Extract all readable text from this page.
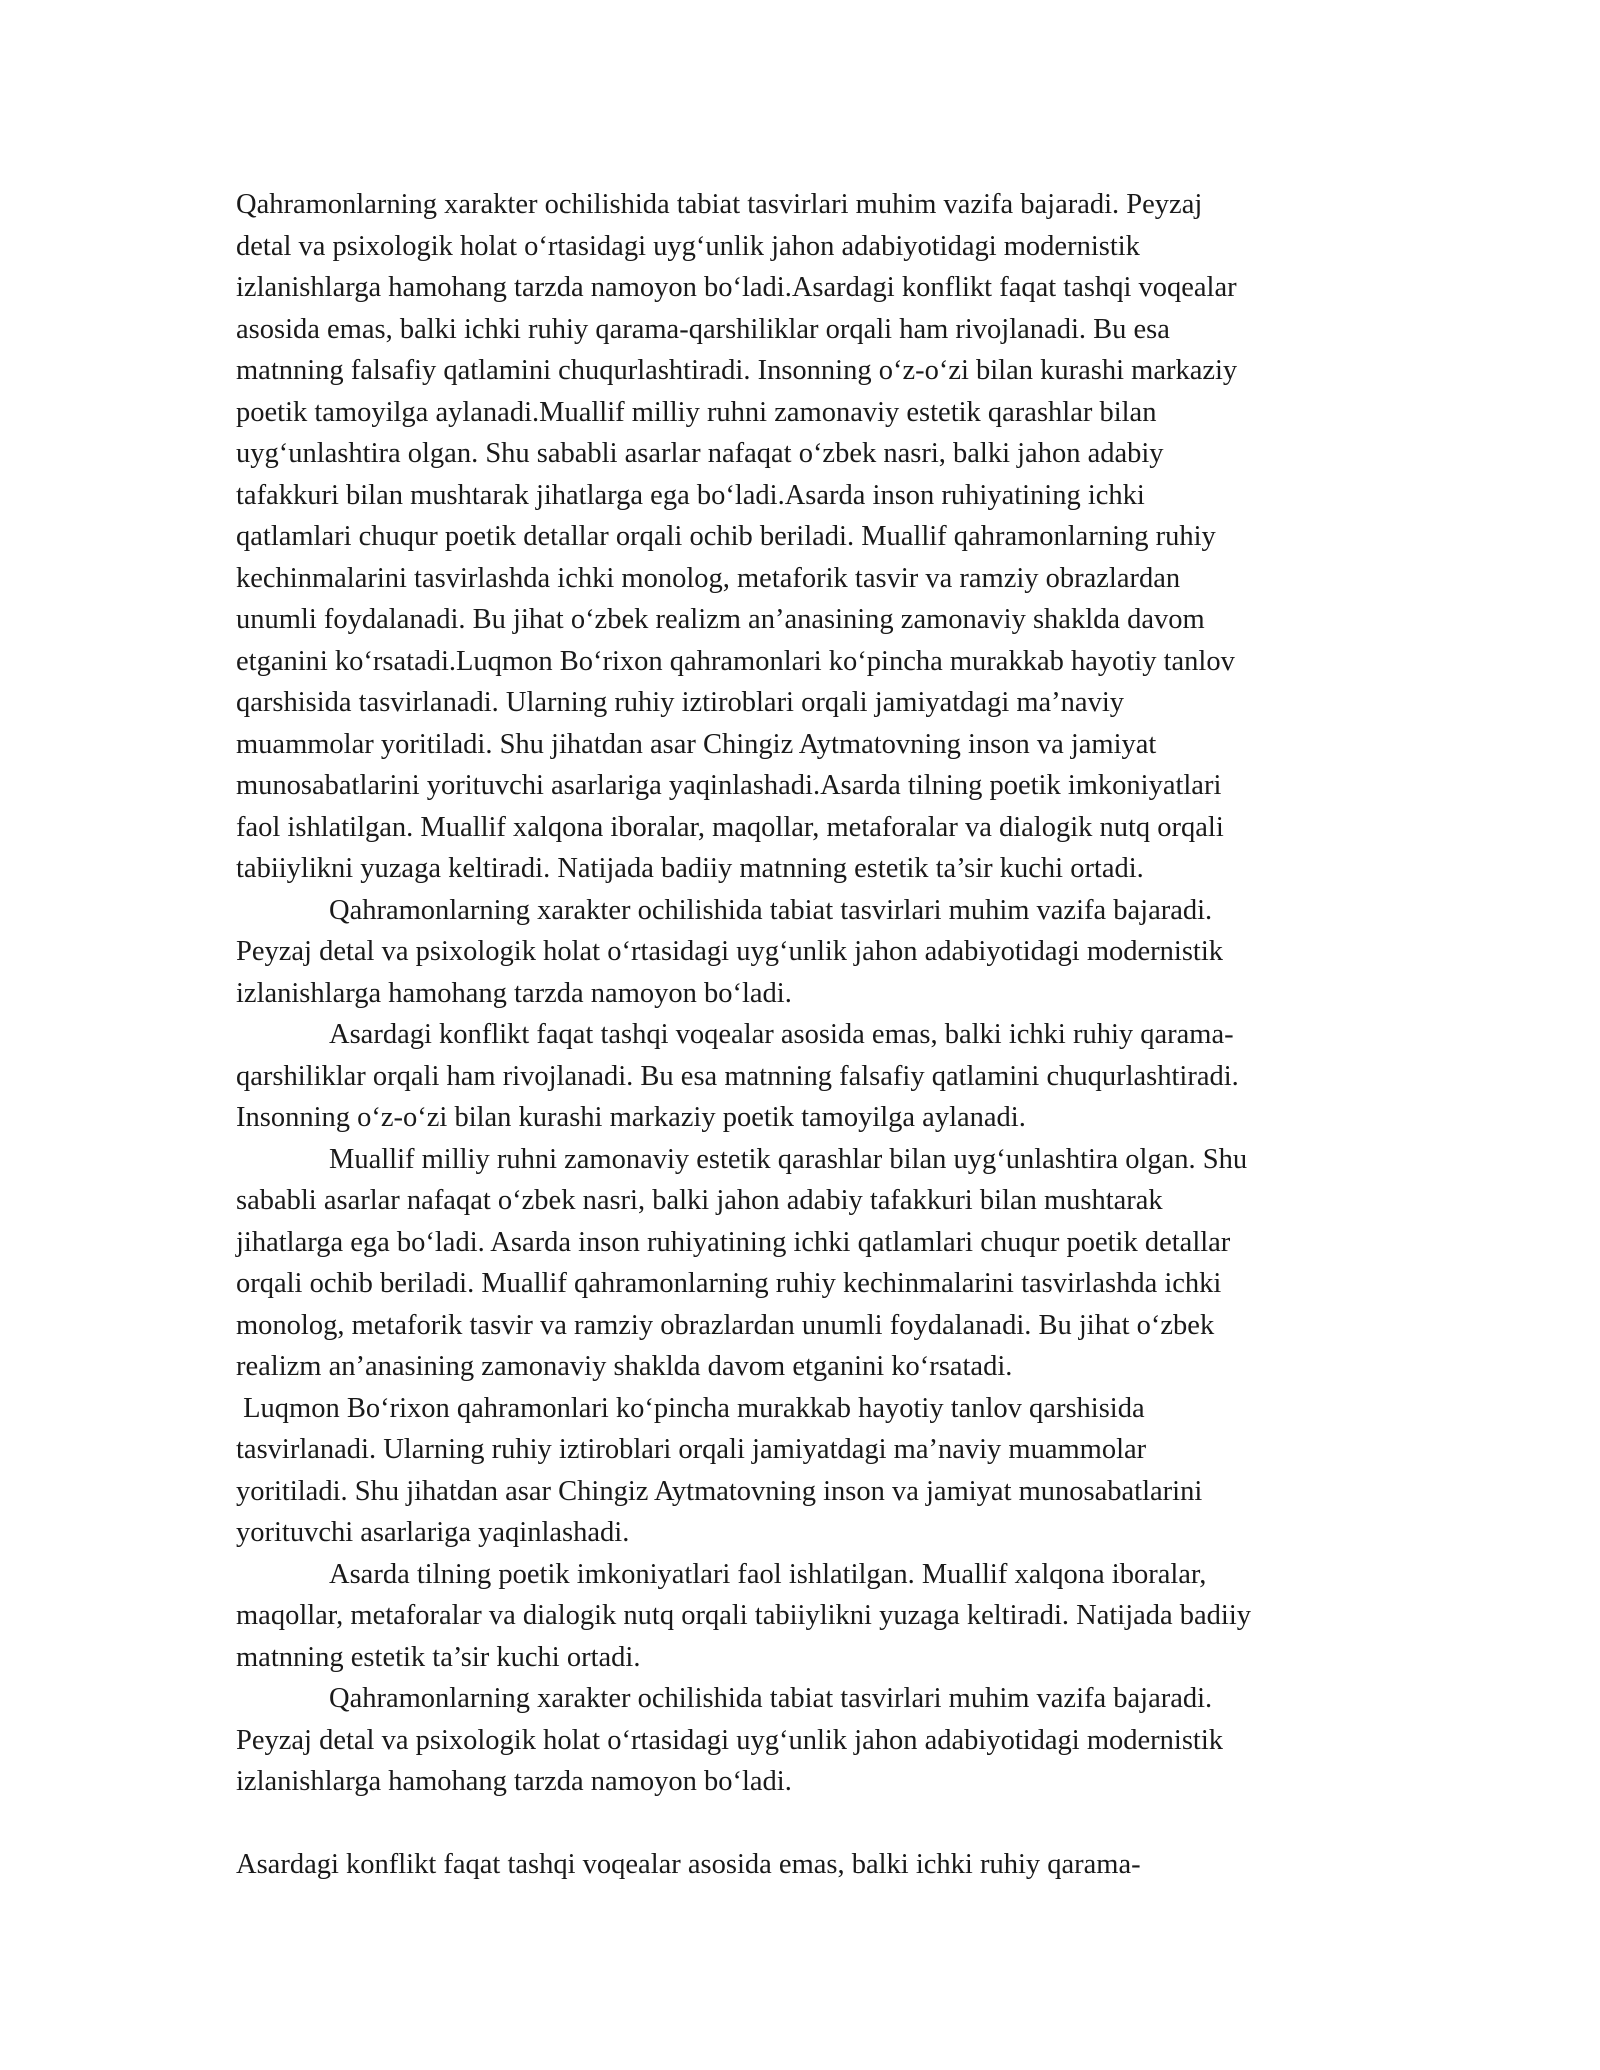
Qahramonlarning xarakter ochilishida tabiat tasvirlari muhim vazifa bajaradi. Peyzaj
detal va psixologik holat o‘rtasidagi uyg‘unlik jahon adabiyotidagi modernistik
izlanishlarga hamohang tarzda namoyon bo‘ladi.Asardagi konflikt faqat tashqi voqealar
asosida emas, balki ichki ruhiy qarama-qarshiliklar orqali ham rivojlanadi. Bu esa
matnning falsafiy qatlamini chuqurlashtiradi. Insonning o‘z-o‘zi bilan kurashi markaziy
poetik tamoyilga aylanadi.Muallif milliy ruhni zamonaviy estetik qarashlar bilan
uyg‘unlashtira olgan. Shu sababli asarlar nafaqat o‘zbek nasri, balki jahon adabiy
tafakkuri bilan mushtarak jihatlarga ega bo‘ladi.Asarda inson ruhiyatining ichki
qatlamlari chuqur poetik detallar orqali ochib beriladi. Muallif qahramonlarning ruhiy
kechinmalarini tasvirlashda ichki monolog, metaforik tasvir va ramziy obrazlardan
unumli foydalanadi. Bu jihat o‘zbek realizm an’anasining zamonaviy shaklda davom
etganini ko‘rsatadi.Luqmon Bo‘rixon qahramonlari ko‘pincha murakkab hayotiy tanlov
qarshisida tasvirlanadi. Ularning ruhiy iztiroblari orqali jamiyatdagi ma’naviy
muammolar yoritiladi. Shu jihatdan asar Chingiz Aytmatovning inson va jamiyat
munosabatlarini yorituvchi asarlariga yaqinlashadi.Asarda tilning poetik imkoniyatlari
faol ishlatilgan. Muallif xalqona iboralar, maqollar, metaforalar va dialogik nutq orqali
tabiiylikni yuzaga keltiradi. Natijada badiiy matnning estetik ta’sir kuchi ortadi.
Qahramonlarning xarakter ochilishida tabiat tasvirlari muhim vazifa bajaradi.
Peyzaj detal va psixologik holat o‘rtasidagi uyg‘unlik jahon adabiyotidagi modernistik
izlanishlarga hamohang tarzda namoyon bo‘ladi.
Asardagi konflikt faqat tashqi voqealar asosida emas, balki ichki ruhiy qarama-
qarshiliklar orqali ham rivojlanadi. Bu esa matnning falsafiy qatlamini chuqurlashtiradi.
Insonning o‘z-o‘zi bilan kurashi markaziy poetik tamoyilga aylanadi.
Muallif milliy ruhni zamonaviy estetik qarashlar bilan uyg‘unlashtira olgan. Shu
sababli asarlar nafaqat o‘zbek nasri, balki jahon adabiy tafakkuri bilan mushtarak
jihatlarga ega bo‘ladi. Asarda inson ruhiyatining ichki qatlamlari chuqur poetik detallar
orqali ochib beriladi. Muallif qahramonlarning ruhiy kechinmalarini tasvirlashda ichki
monolog, metaforik tasvir va ramziy obrazlardan unumli foydalanadi. Bu jihat o‘zbek
realizm an’anasining zamonaviy shaklda davom etganini ko‘rsatadi.
Luqmon Bo‘rixon qahramonlari ko‘pincha murakkab hayotiy tanlov qarshisida
tasvirlanadi. Ularning ruhiy iztiroblari orqali jamiyatdagi ma’naviy muammolar
yoritiladi. Shu jihatdan asar Chingiz Aytmatovning inson va jamiyat munosabatlarini
yorituvchi asarlariga yaqinlashadi.
Asarda tilning poetik imkoniyatlari faol ishlatilgan. Muallif xalqona iboralar,
maqollar, metaforalar va dialogik nutq orqali tabiiylikni yuzaga keltiradi. Natijada badiiy
matnning estetik ta’sir kuchi ortadi.
Qahramonlarning xarakter ochilishida tabiat tasvirlari muhim vazifa bajaradi.
Peyzaj detal va psixologik holat o‘rtasidagi uyg‘unlik jahon adabiyotidagi modernistik
izlanishlarga hamohang tarzda namoyon bo‘ladi.
Asardagi konflikt faqat tashqi voqealar asosida emas, balki ichki ruhiy qarama-
